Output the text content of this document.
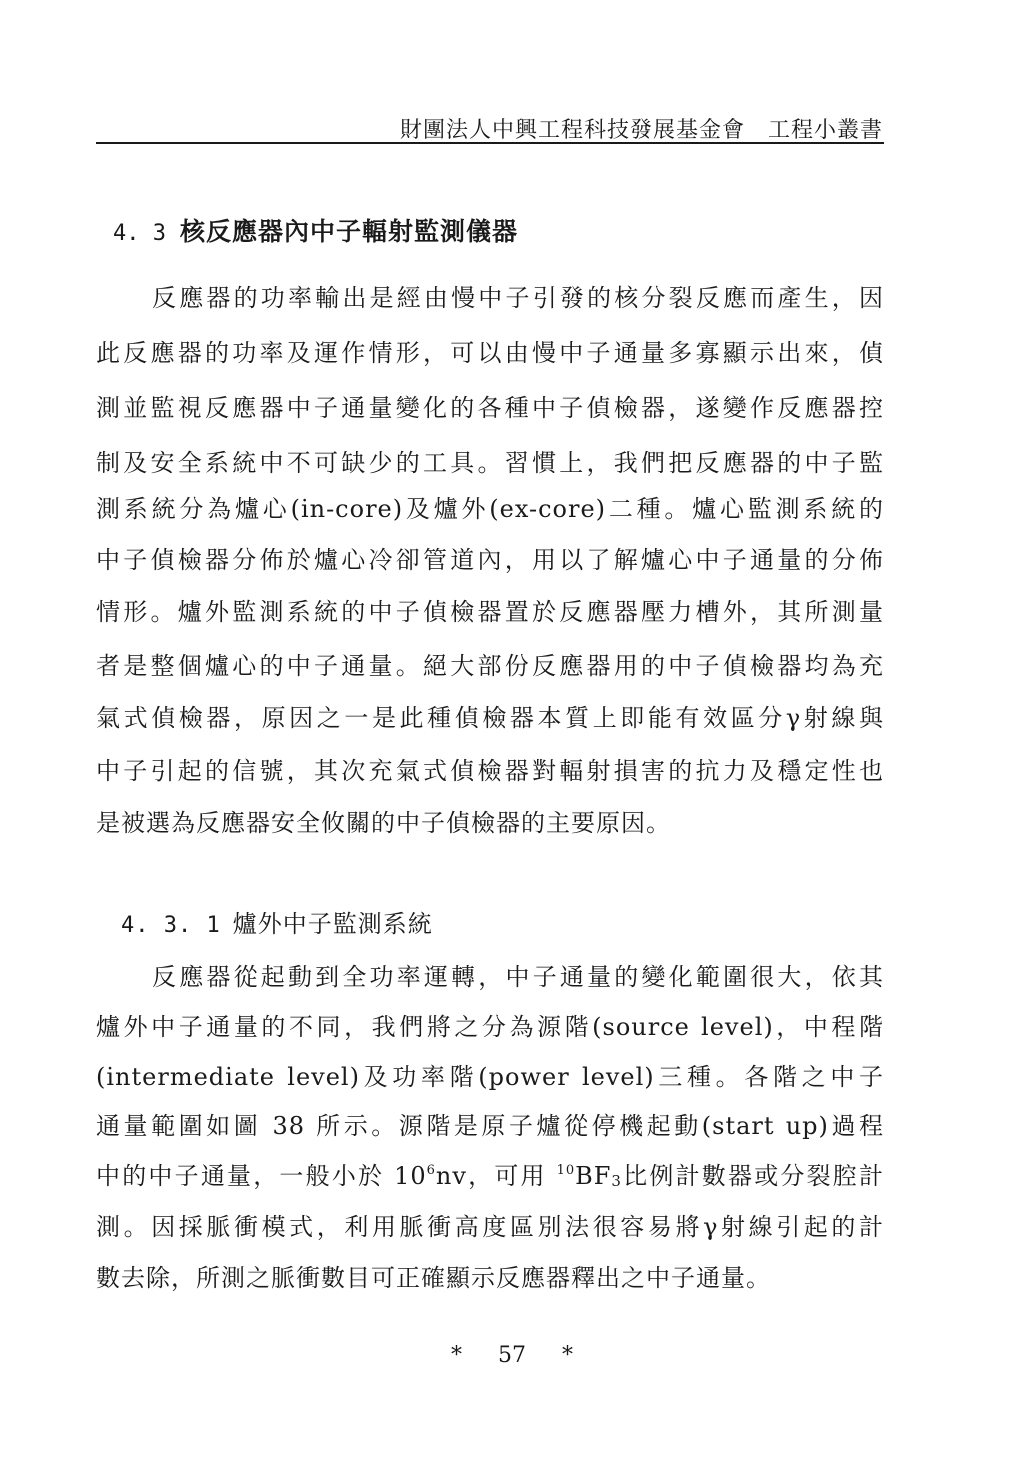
財團法人中興工程科技發展基金會　工程小叢書
4. 3 核反應器內中子輻射監測儀器
反應器的功率輸出是經由慢中子引發的核分裂反應而產生，因
此反應器的功率及運作情形，可以由慢中子通量多寡顯示出來，偵
測並監視反應器中子通量變化的各種中子偵檢器，遂變作反應器控
制及安全系統中不可缺少的工具。習慣上，我們把反應器的中子監
測系統分為爐心(in-core)及爐外(ex-core)二種。爐心監測系統的
中子偵檢器分佈於爐心冷卻管道內，用以了解爐心中子通量的分佈
情形。爐外監測系統的中子偵檢器置於反應器壓力槽外，其所測量
者是整個爐心的中子通量。絕大部份反應器用的中子偵檢器均為充
氣式偵檢器，原因之一是此種偵檢器本質上即能有效區分γ射線與
中子引起的信號，其次充氣式偵檢器對輻射損害的抗力及穩定性也
是被選為反應器安全攸關的中子偵檢器的主要原因。
4. 3. 1 爐外中子監測系統
反應器從起動到全功率運轉，中子通量的變化範圍很大，依其
爐外中子通量的不同，我們將之分為源階(source level)，中程階
(intermediate level)及功率階(power level)三種。各階之中子
通量範圍如圖 38 所示。源階是原子爐從停機起動(start up)過程
中的中子通量，一般小於 $10^6nv$，可用 $^{10}BF_3$比例計數器或分裂腔計
測。因採脈衝模式，利用脈衝高度區別法很容易將γ射線引起的計
數去除，所測之脈衝數目可正確顯示反應器釋出之中子通量。
* 57 *
